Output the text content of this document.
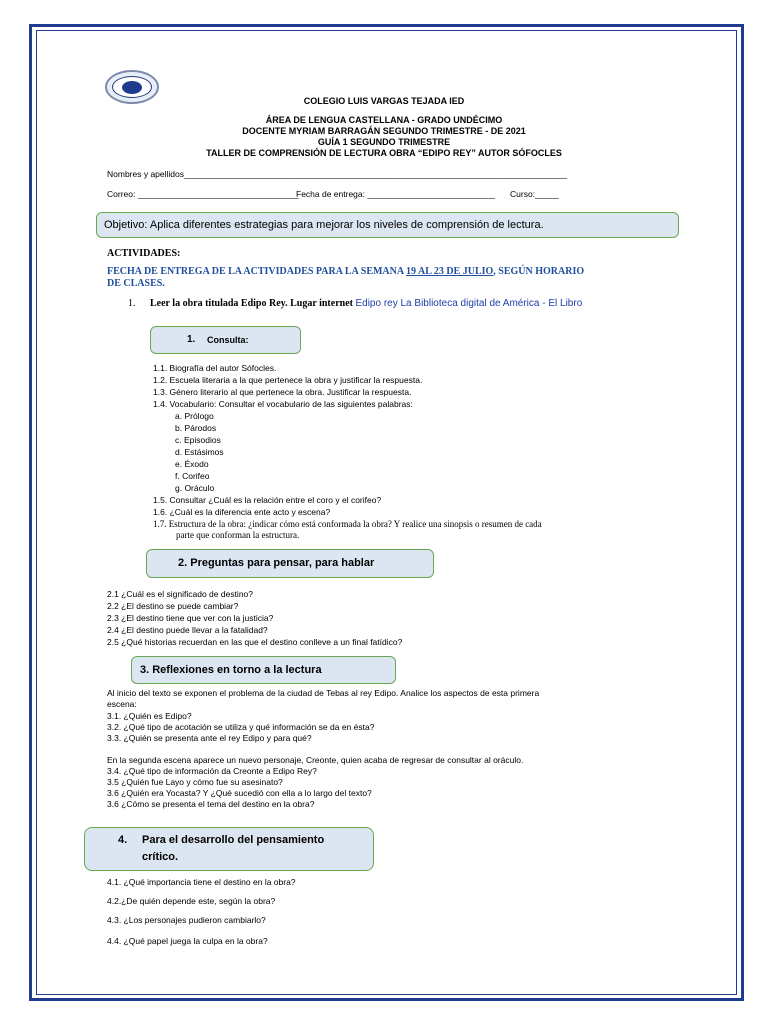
COLEGIO LUIS VARGAS TEJADA IED
ÁREA DE LENGUA CASTELLANA - GRADO UNDÉCIMO
DOCENTE MYRIAM BARRAGÁN SEGUNDO TRIMESTRE - DE 2021
GUÍA 1 SEGUNDO TRIMESTRE
TALLER DE COMPRENSIÓN DE LECTURA OBRA “EDIPO REY” AUTOR SÓFOCLES
Nombres y apellidos_________________________________________________________________________________
Correo: __________________________________
Fecha de entrega: ___________________________ Curso:_____
Objetivo: Aplica diferentes estrategias para mejorar los niveles de comprensión de lectura.
ACTIVIDADES:
FECHA DE ENTREGA DE LA ACTIVIDADES PARA LA SEMANA 19 AL 23 DE JULIO, SEGÚN HORARIO
DE CLASES.
1. Leer la obra titulada Edipo Rey. Lugar internet Edipo rey La Biblioteca digital de América - El Libro
1. Consulta:
1.1. Biografía del autor Sófocles.
1.2. Escuela literaria a la que pertenece la obra y justificar la respuesta.
1.3. Género literario al que pertenece la obra. Justificar la respuesta.
1.4. Vocabulario: Consultar el vocabulario de las siguientes palabras:
a. Prólogo
b. Párodos
c. Episodios
d. Estásimos
e. Éxodo
f. Corifeo
g. Oráculo
1.5. Consultar ¿Cuál es la relación entre el coro y el corifeo?
1.6. ¿Cuál es la diferencia ente acto y escena?
1.7. Estructura de la obra: ¿indicar cómo está conformada la obra? Y realice una sinopsis o resumen de cada
parte que conforman la estructura.
2. Preguntas para pensar, para hablar
2.1 ¿Cuál es el significado de destino?
2.2 ¿El destino se puede cambiar?
2.3 ¿El destino tiene que ver con la justicia?
2.4 ¿El destino puede llevar a la fatalidad?
2.5 ¿Qué historias recuerdan en las que el destino conlleve a un final fatídico?
3. Reflexiones en torno a la lectura
Al inicio del texto se exponen el problema de la ciudad de Tebas al rey Edipo. Analice los aspectos de esta primera
escena:
3.1. ¿Quién es Edipo?
3.2. ¿Qué tipo de acotación se utiliza y qué información se da en ésta?
3.3. ¿Quién se presenta ante el rey Edipo y para qué?
En la segunda escena aparece un nuevo personaje, Creonte, quien acaba de regresar de consultar al oráculo.
3.4. ¿Qué tipo de información da Creonte a Edipo Rey?
3.5 ¿Quién fue Layo y cómo fue su asesinato?
3.6 ¿Quién era Yocasta? Y ¿Qué sucedió con ella a lo largo del texto?
3.6 ¿Cómo se presenta el tema del destino en la obra?
4. Para el desarrollo del pensamiento
crítico.
4.1. ¿Qué importancia tiene el destino en la obra?
4.2.¿De quién depende este, según la obra?
4.3. ¿Los personajes pudieron cambiarlo?
4.4. ¿Qué papel juega la culpa en la obra?
